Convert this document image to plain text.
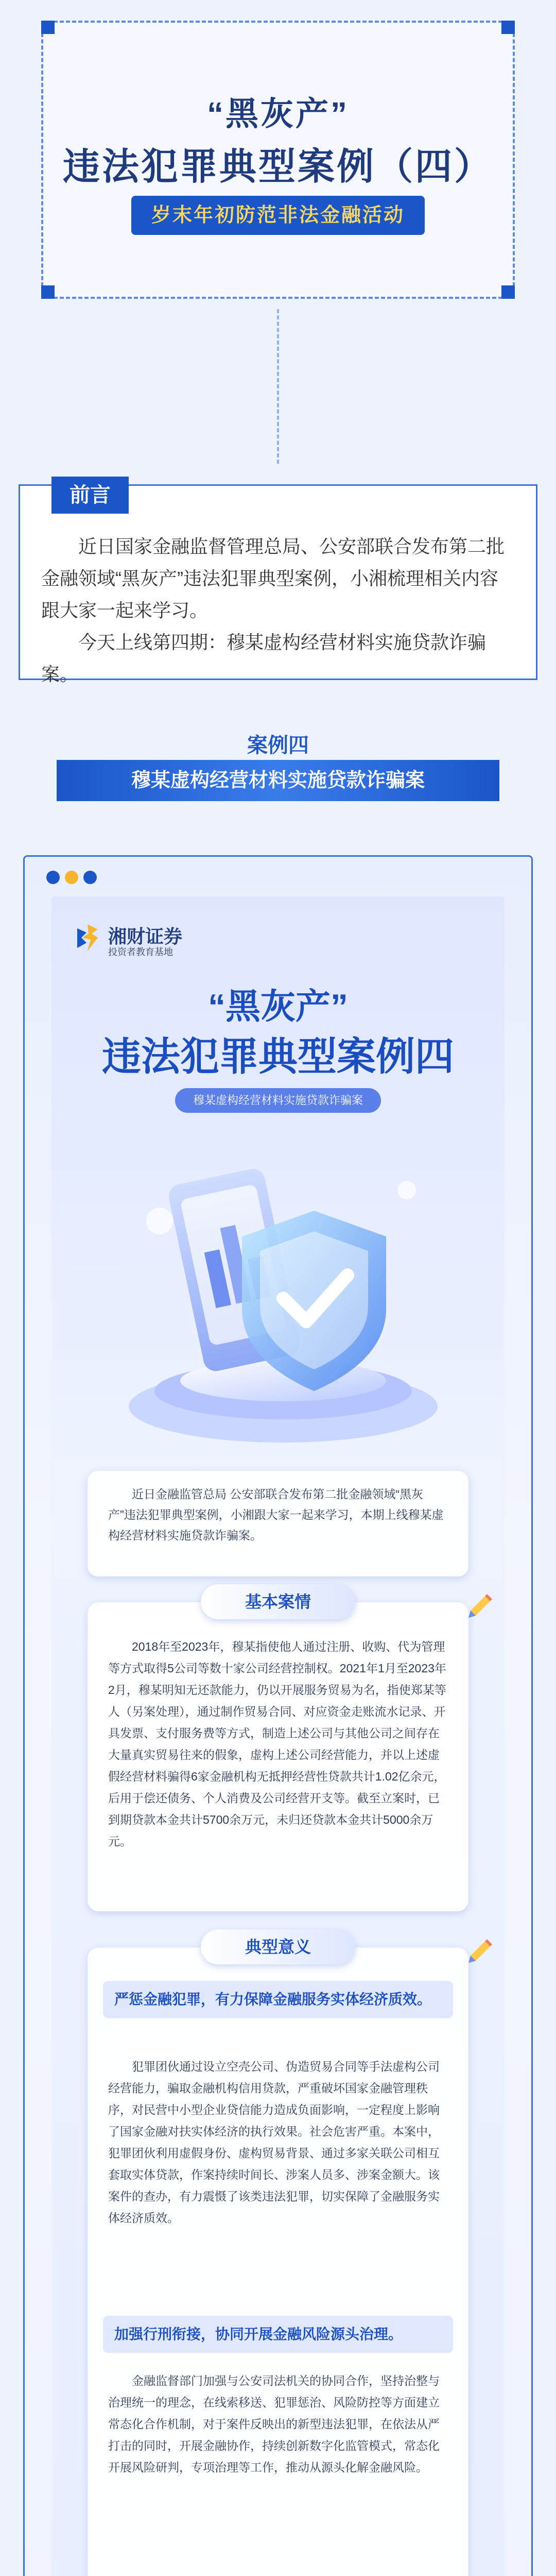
“黑灰产”
违法犯罪典型案例（四）
岁末年初防范非法金融活动
前言

近日国家金融监督管理总局、公安部联合发布第二批金融领域“黑灰产”违法犯罪典型案例，小湘梳理相关内容跟大家一起来学习。

今天上线第四期：穆某虚构经营材料实施贷款诈骗案。

案例四
穆某虚构经营材料实施贷款诈骗案
湘财证券
投资者教育基地
“黑灰产”
违法犯罪典型案例四
穆某虚构经营材料实施贷款诈骗案

近日金融监管总局 公安部联合发布第二批金融领域“黑灰产”违法犯罪典型案例，小湘跟大家一起来学习，本期上线穆某虚构经营材料实施贷款诈骗案。

基本案情

2018年至2023年，穆某指使他人通过注册、收购、代为管理等方式取得5公司等数十家公司经营控制权。2021年1月至2023年2月，穆某明知无还款能力，仍以开展服务贸易为名，指使郑某等人（另案处理），通过制作贸易合同、对应资金走账流水记录、开具发票、支付服务费等方式，制造上述公司与其他公司之间存在大量真实贸易往来的假象，虚构上述公司经营能力，并以上述虚假经营材料骗得6家金融机构无抵押经营性贷款共计1.02亿余元，后用于偿还债务、个人消费及公司经营开支等。截至立案时，已到期贷款本金共计5700余万元，未归还贷款本金共计5000余万元。

典型意义
严惩金融犯罪，有力保障金融服务实体经济质效。

犯罪团伙通过设立空壳公司、伪造贸易合同等手法虚构公司经营能力，骗取金融机构信用贷款，严重破坏国家金融管理秩序，对民营中小型企业贷信能力造成负面影响，一定程度上影响了国家金融对扶实体经济的执行效果。社会危害严重。本案中，犯罪团伙利用虚假身份、虚构贸易背景、通过多家关联公司相互套取实体贷款，作案持续时间长、涉案人员多、涉案金额大。该案件的查办，有力震慑了该类违法犯罪，切实保障了金融服务实体经济质效。

加强行刑衔接，协同开展金融风险源头治理。

金融监督部门加强与公安司法机关的协同合作，坚持治整与治理统一的理念，在线索移送、犯罪惩治、风险防控等方面建立常态化合作机制，对于案件反映出的新型违法犯罪，在依法从严打击的同时，开展金融协作，持续创新数字化监管模式，常态化开展风险研判，专项治理等工作，推动从源头化解金融风险。
